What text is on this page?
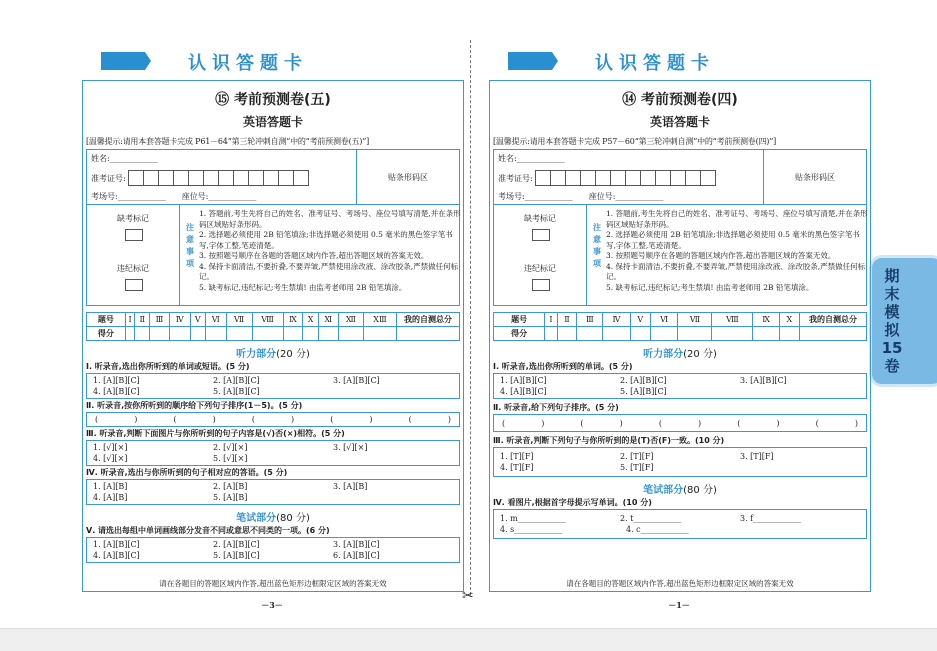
✂
期
末
模
拟
15
卷
认识答题卡
⑮ 考前预测卷(五)
英语答题卡
[温馨提示:请用本套答题卡完成 P61－64“第三轮冲刺自测”中的“考前预测卷(五)”]
姓名:____________
准考证号:
考场号:____________　　座位号:____________
贴条形码区
缺考标记
违纪标记
注意事项
1. 答题前,考生先将自己的姓名、准考证号、考场号、座位号填写清楚,并在条形码区域贴好条形码。
2. 选择题必须使用 2B 铅笔填涂;非选择题必须使用 0.5 毫米的黑色签字笔书写,字体工整,笔迹清楚。
3. 按照题号顺序在各题的答题区域内作答,超出答题区域的答案无效。
4. 保持卡面清洁,不要折叠,不要弄皱,严禁使用涂改液、涂改胶条,严禁做任何标记。
5. 缺考标记,违纪标记;考生禁填! 由监考老师用 2B 铅笔填涂。
题号	Ⅰ	Ⅱ	Ⅲ	Ⅳ	Ⅴ	Ⅵ	Ⅶ	Ⅷ	Ⅸ	Ⅹ	Ⅺ	Ⅻ	ⅩⅢ	我的自测总分
得分														
听力部分(20 分)
Ⅰ. 听录音,选出你所听到的单词或短语。(5 分)
1. [A][B][C]	2. [A][B][C]	3. [A][B][C]
4. [A][B][C]	5. [A][B][C]
Ⅱ. 听录音,按你所听到的顺序给下列句子排序(1－5)。(5 分)
(	)	(	)	(	)	(	)	(	)
Ⅲ. 听录音,判断下面图片与你所听到的句子内容是(√)否(×)相符。(5 分)
1. [√][×]	2. [√][×]	3. [√][×]
4. [√][×]	5. [√][×]
Ⅳ. 听录音,选出与你所听到的句子相对应的答语。(5 分)
1. [A][B]	2. [A][B]	3. [A][B]
4. [A][B]	5. [A][B]
笔试部分(80 分)
Ⅴ. 请选出每组中单词画线部分发音不同或意思不同类的一项。(6 分)
1. [A][B][C]	2. [A][B][C]	3. [A][B][C]
4. [A][B][C]	5. [A][B][C]	6. [A][B][C]
请在各题目的答题区域内作答,超出蓝色矩形边框限定区域的答案无效
－3－
认识答题卡
⑭ 考前预测卷(四)
英语答题卡
[温馨提示:请用本套答题卡完成 P57－60“第三轮冲刺自测”中的“考前预测卷(四)”]
姓名:____________
准考证号:
考场号:____________　　座位号:____________
贴条形码区
缺考标记
违纪标记
注意事项
1. 答题前,考生先将自己的姓名、准考证号、考场号、座位号填写清楚,并在条形码区域贴好条形码。
2. 选择题必须使用 2B 铅笔填涂;非选择题必须使用 0.5 毫米的黑色签字笔书写,字体工整,笔迹清楚。
3. 按照题号顺序在各题的答题区域内作答,超出答题区域的答案无效。
4. 保持卡面清洁,不要折叠,不要弄皱,严禁使用涂改液、涂改胶条,严禁做任何标记。
5. 缺考标记,违纪标记;考生禁填! 由监考老师用 2B 铅笔填涂。
题号	Ⅰ	Ⅱ	Ⅲ	Ⅳ	Ⅴ	Ⅵ	Ⅶ	Ⅷ	Ⅸ	Ⅹ	我的自测总分
得分											
听力部分(20 分)
Ⅰ. 听录音,选出你所听到的单词。(5 分)
1. [A][B][C]	2. [A][B][C]	3. [A][B][C]
4. [A][B][C]	5. [A][B][C]
Ⅱ. 听录音,给下列句子排序。(5 分)
(	)	(	)	(	)	(	)	(	)
Ⅲ. 听录音,判断下列句子与你所听到的是(T)否(F)一致。(10 分)
1. [T][F]	2. [T][F]	3. [T][F]
4. [T][F]	5. [T][F]
笔试部分(80 分)
Ⅳ. 看图片,根据首字母提示写单词。(10 分)
1. m____________	2. t____________	3. f____________
4. s____________	4. c____________
请在各题目的答题区域内作答,超出蓝色矩形边框限定区域的答案无效
－1－
